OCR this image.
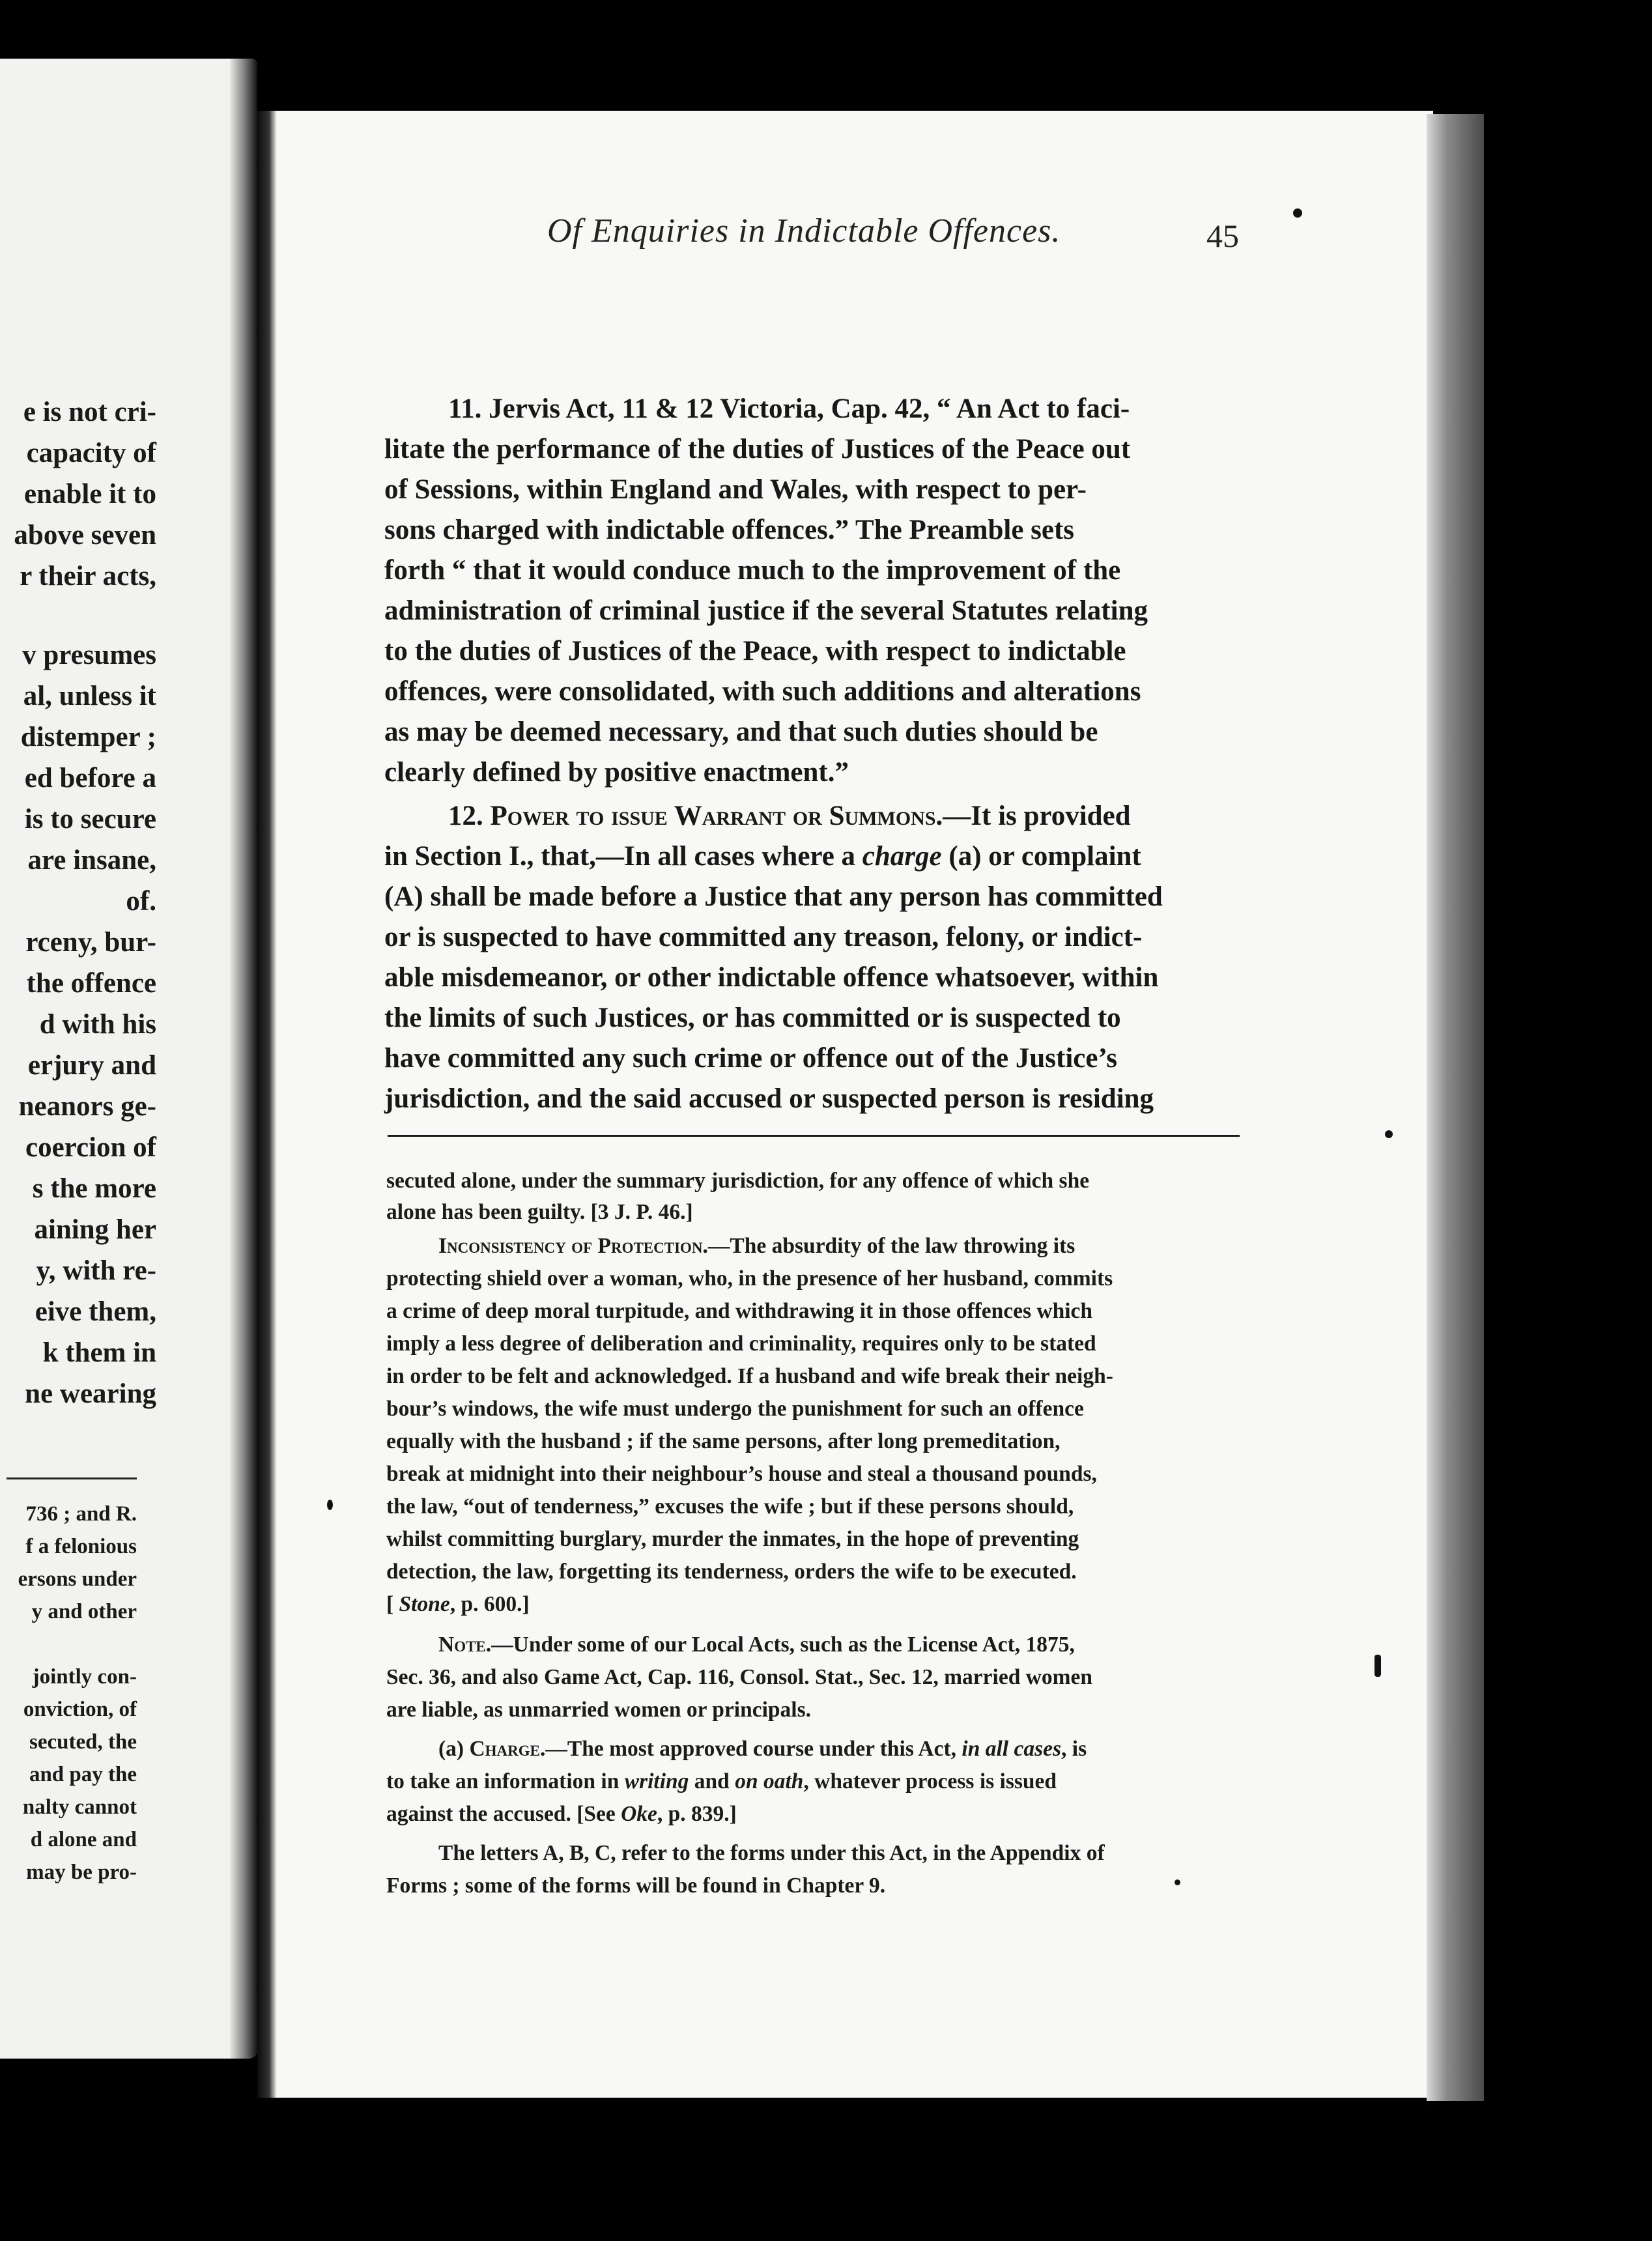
e is not cri-
capacity of
enable it to
above seven
r their acts,
v presumes
al, unless it
distemper ;
ed before a
is to secure
are insane,
of.
rceny, bur-
the offence
d with his
erjury and
neanors ge-
coercion of
s the more
aining her
y, with re-
eive them,
k them in
ne wearing
736 ; and R.
f a felonious
ersons under
y and other
jointly con-
onviction, of
secuted, the
and pay the
nalty cannot
d alone and
may be pro-
Of Enquiries in Indictable Offences.	45
11. Jervis Act, 11 & 12 Victoria, Cap. 42, “ An Act to faci-
litate the performance of the duties of Justices of the Peace out
of Sessions, within England and Wales, with respect to per-
sons charged with indictable offences.” The Preamble sets
forth “ that it would conduce much to the improvement of the
administration of criminal justice if the several Statutes relating
to the duties of Justices of the Peace, with respect to indictable
offences, were consolidated, with such additions and alterations
as may be deemed necessary, and that such duties should be
clearly defined by positive enactment.”
12. Power to issue Warrant or Summons.—It is provided
in Section I., that,—In all cases where a charge (a) or complaint
(A) shall be made before a Justice that any person has committed
or is suspected to have committed any treason, felony, or indict-
able misdemeanor, or other indictable offence whatsoever, within
the limits of such Justices, or has committed or is suspected to
have committed any such crime or offence out of the Justice’s
jurisdiction, and the said accused or suspected person is residing
secuted alone, under the summary jurisdiction, for any offence of which she
alone has been guilty. [3 J. P. 46.]
Inconsistency of Protection.—The absurdity of the law throwing its
protecting shield over a woman, who, in the presence of her husband, commits
a crime of deep moral turpitude, and withdrawing it in those offences which
imply a less degree of deliberation and criminality, requires only to be stated
in order to be felt and acknowledged. If a husband and wife break their neigh-
bour’s windows, the wife must undergo the punishment for such an offence
equally with the husband ; if the same persons, after long premeditation,
break at midnight into their neighbour’s house and steal a thousand pounds,
the law, “out of tenderness,” excuses the wife ; but if these persons should,
whilst committing burglary, murder the inmates, in the hope of preventing
detection, the law, forgetting its tenderness, orders the wife to be executed.
[ Stone, p. 600.]
Note.—Under some of our Local Acts, such as the License Act, 1875,
Sec. 36, and also Game Act, Cap. 116, Consol. Stat., Sec. 12, married women
are liable, as unmarried women or principals.
(a) Charge.—The most approved course under this Act, in all cases, is
to take an information in writing and on oath, whatever process is issued
against the accused. [See Oke, p. 839.]
The letters A, B, C, refer to the forms under this Act, in the Appendix of
Forms ; some of the forms will be found in Chapter 9.
